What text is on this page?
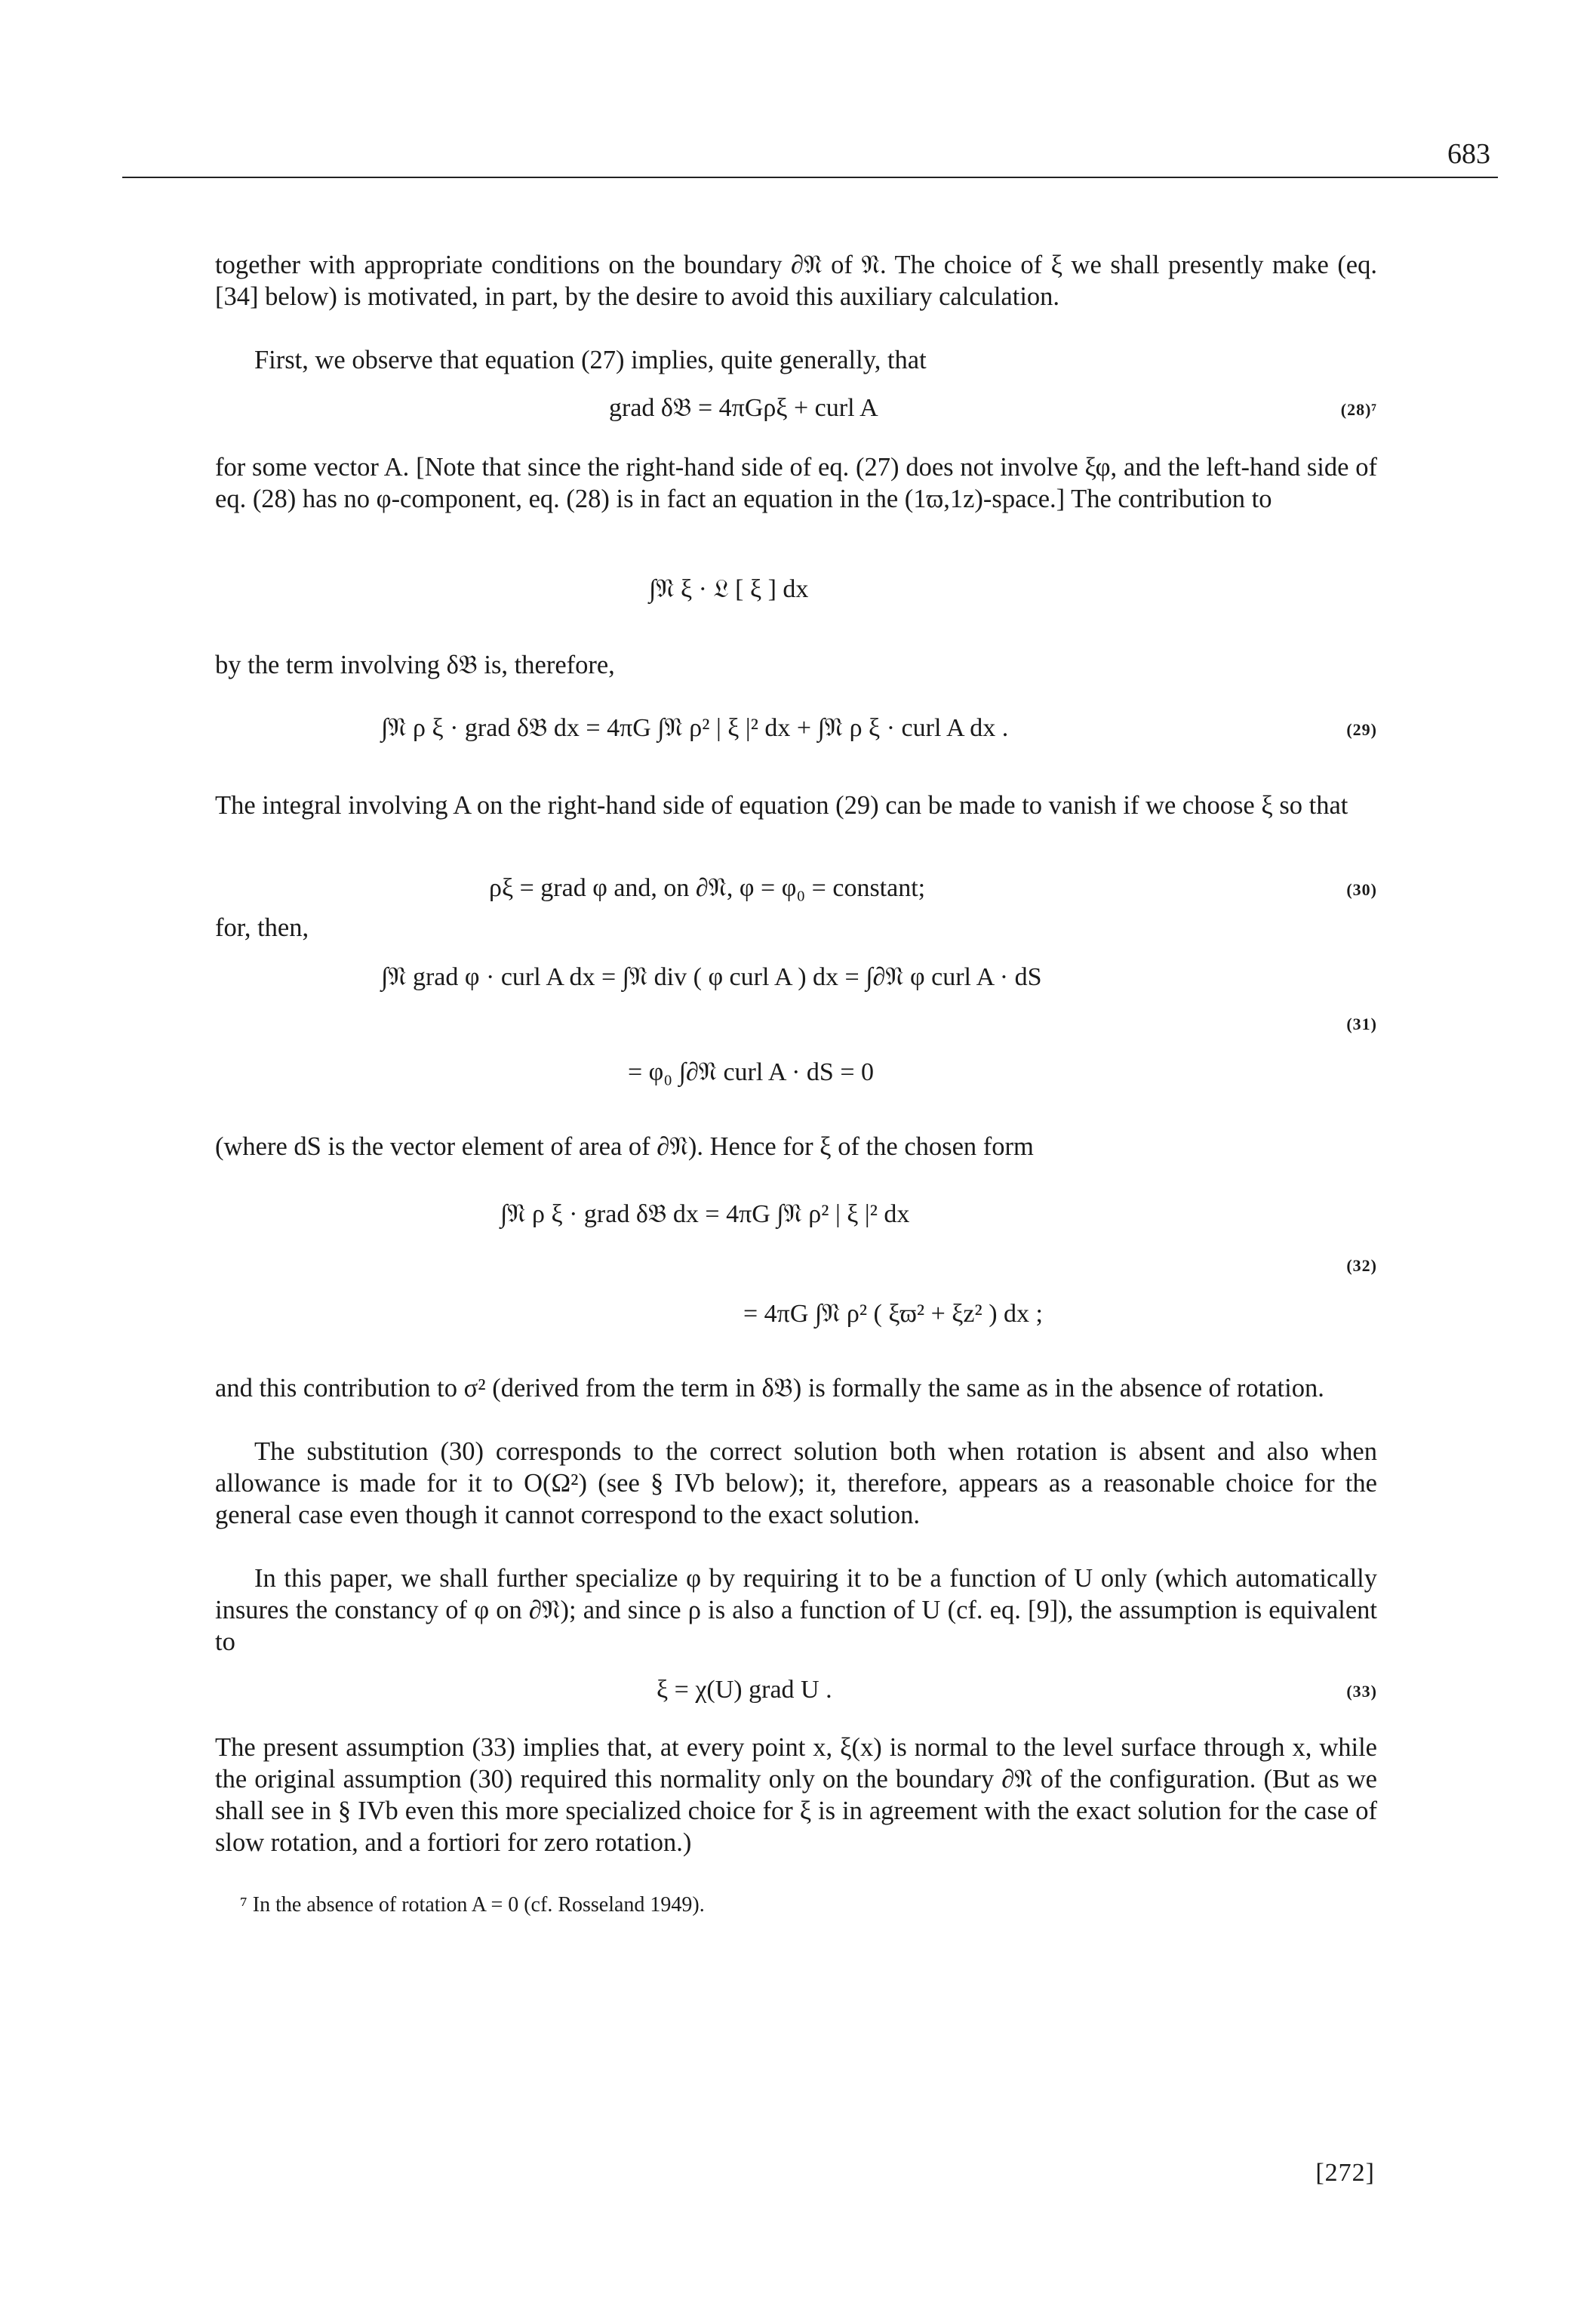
683
together with appropriate conditions on the boundary ∂𝔑 of 𝔑. The choice of ξ we shall presently make (eq. [34] below) is motivated, in part, by the desire to avoid this auxiliary calculation.
First, we observe that equation (27) implies, quite generally, that
grad δ𝔅 = 4πGρξ + curl A	(28)⁷
for some vector A. [Note that since the right-hand side of eq. (27) does not involve ξφ, and the left-hand side of eq. (28) has no φ-component, eq. (28) is in fact an equation in the (1ϖ,1z)-space.] The contribution to
∫𝔑 ξ · 𝔏 [ ξ ] dx
by the term involving δ𝔅 is, therefore,
∫𝔑 ρ ξ · grad δ𝔅 dx = 4πG ∫𝔑 ρ² | ξ |² dx + ∫𝔑 ρ ξ · curl A dx .	(29)
The integral involving A on the right-hand side of equation (29) can be made to vanish if we choose ξ so that
ρξ = grad φ and, on ∂𝔑, φ = φ₀ = constant;	(30)
for, then,
∫𝔑 grad φ · curl A dx = ∫𝔑 div ( φ curl A ) dx = ∫∂𝔑 φ curl A · dS
(31)
= φ₀ ∫∂𝔑 curl A · dS = 0
(where dS is the vector element of area of ∂𝔑). Hence for ξ of the chosen form
∫𝔑 ρ ξ · grad δ𝔅 dx = 4πG ∫𝔑 ρ² | ξ |² dx
(32)
= 4πG ∫𝔑 ρ² ( ξϖ² + ξz² ) dx ;
and this contribution to σ² (derived from the term in δ𝔅) is formally the same as in the absence of rotation.
The substitution (30) corresponds to the correct solution both when rotation is absent and also when allowance is made for it to O(Ω²) (see § IVb below); it, therefore, appears as a reasonable choice for the general case even though it cannot correspond to the exact solution.
In this paper, we shall further specialize φ by requiring it to be a function of U only (which automatically insures the constancy of φ on ∂𝔑); and since ρ is also a function of U (cf. eq. [9]), the assumption is equivalent to
ξ = χ(U) grad U .	(33)
The present assumption (33) implies that, at every point x, ξ(x) is normal to the level surface through x, while the original assumption (30) required this normality only on the boundary ∂𝔑 of the configuration. (But as we shall see in § IVb even this more specialized choice for ξ is in agreement with the exact solution for the case of slow rotation, and a fortiori for zero rotation.)
⁷ In the absence of rotation A = 0 (cf. Rosseland 1949).
[272]
